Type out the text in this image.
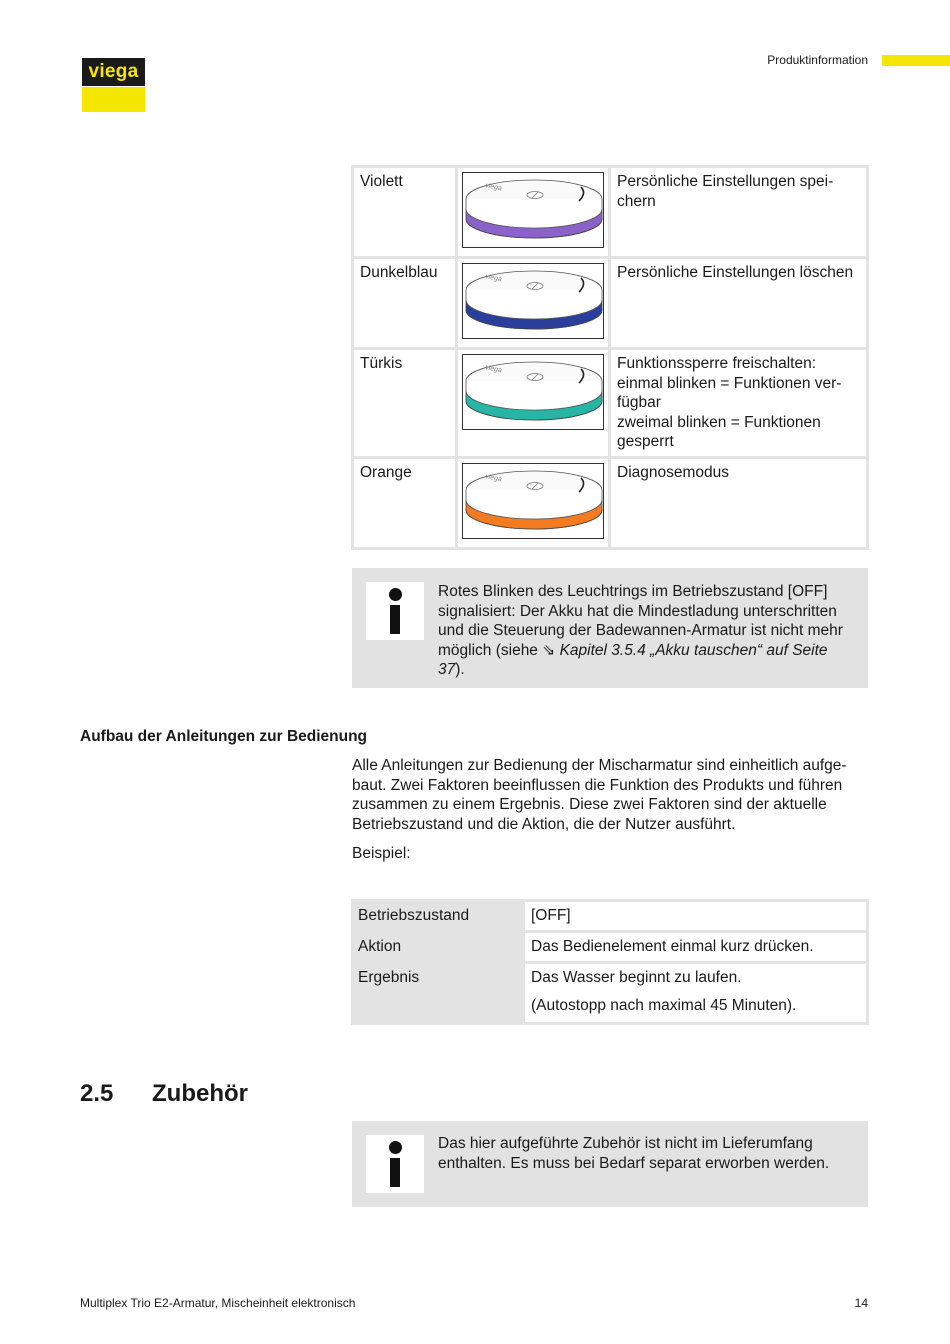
viega
Produktinformation
Violett	viega	Persönliche Einstellungen spei-
chern
Dunkelblau	viega	Persönliche Einstellungen löschen
Türkis	viega	Funktionssperre freischalten:
einmal blinken = Funktionen ver-
fügbar
zweimal blinken = Funktionen
gesperrt
Orange	viega	Diagnosemodus
Rotes Blinken des Leuchtrings im Betriebszustand [OFF] signalisiert: Der Akku hat die Mindestladung unterschritten und die Steuerung der Badewannen-Armatur ist nicht mehr möglich (siehe ⇘ Kapitel 3.5.4 „Akku tauschen“ auf Seite 37).
Aufbau der Anleitungen zur Bedienung
Alle Anleitungen zur Bedienung der Mischarmatur sind einheitlich aufge-baut. Zwei Faktoren beeinflussen die Funktion des Produkts und führen zusammen zu einem Ergebnis. Diese zwei Faktoren sind der aktuelle Betriebszustand und die Aktion, die der Nutzer ausführt.
Beispiel:
Betriebszustand	[OFF]
Aktion	Das Bedienelement einmal kurz drücken.
Ergebnis	Das Wasser beginnt zu laufen.
(Autostopp nach maximal 45 Minuten).
2.5 Zubehör
Das hier aufgeführte Zubehör ist nicht im Lieferumfang enthalten. Es muss bei Bedarf separat erworben werden.
Multiplex Trio E2-Armatur, Mischeinheit elektronisch	14
